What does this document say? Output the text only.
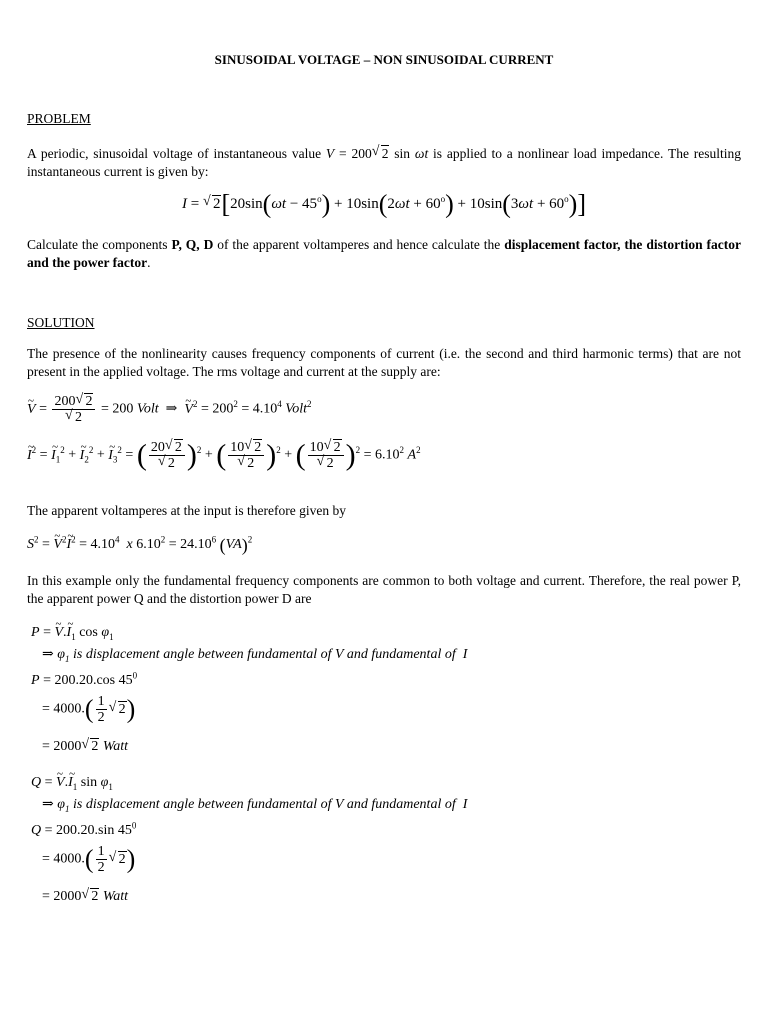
SINUSOIDAL VOLTAGE – NON SINUSOIDAL CURRENT
PROBLEM
A periodic, sinusoidal voltage of instantaneous value V = 200 √ 2 sin ωt is applied to a nonlinear load impedance. The resulting instantaneous current is given by:
I = √ $2[20\sin(\omega t - 45^o) + 10\sin(2\omega t + 60^o) + 10\sin(3\omega t + 60^o)]$
Calculate the components P, Q, D of the apparent voltamperes and hence calculate the displacement factor, the distortion factor and the power factor.
SOLUTION
The presence of the nonlinearity causes frequency components of current (i.e. the second and third harmonic terms) that are not present in the applied voltage. The rms voltage and current at the supply are:
~ V = 200 √ 2
√ 2 = 200 Volt  ⇒  ~ $V^2 = 200^2 = 4.10^4$ Volt$^2$
~ $I^2$ = ~ $I_1^2$ + ~ $I_2^2$ + ~ $I_3^2$ = ( 20 √ 2
√ 2 )$^2$ + ( 10 √ 2
√ 2 )$^2$ + ( 10 √ 2
√ 2 )$^2 = 6.10^2$ $A^2$
The apparent voltamperes at the input is therefore given by
$S^2$ = ~ $V^2\sim$ $I^2 = 4.10^4$ x $6.10^2 = 24.10^6$ (VA)$^2$
In this example only the fundamental frequency components are common to both voltage and current. Therefore, the real power P, the apparent power Q and the distortion power D are
P = ~ V.~ $I_1$ $\cos \varphi_1$
⇒ $\varphi_1$ is displacement angle between fundamental of V and fundamental of  I
P = 200.20.cos $45^0$
= $4000.( \frac{1}{2}$ √ 2)
= 2000 √ 2 Watt
Q = ~ V.~ $I_1$ $\sin \varphi_1$
⇒ $\varphi_1$ is displacement angle between fundamental of V and fundamental of  I
Q = 200.20.sin $45^0$
= $4000.( \frac{1}{2}$ √ 2)
= 2000 √ 2 Watt
